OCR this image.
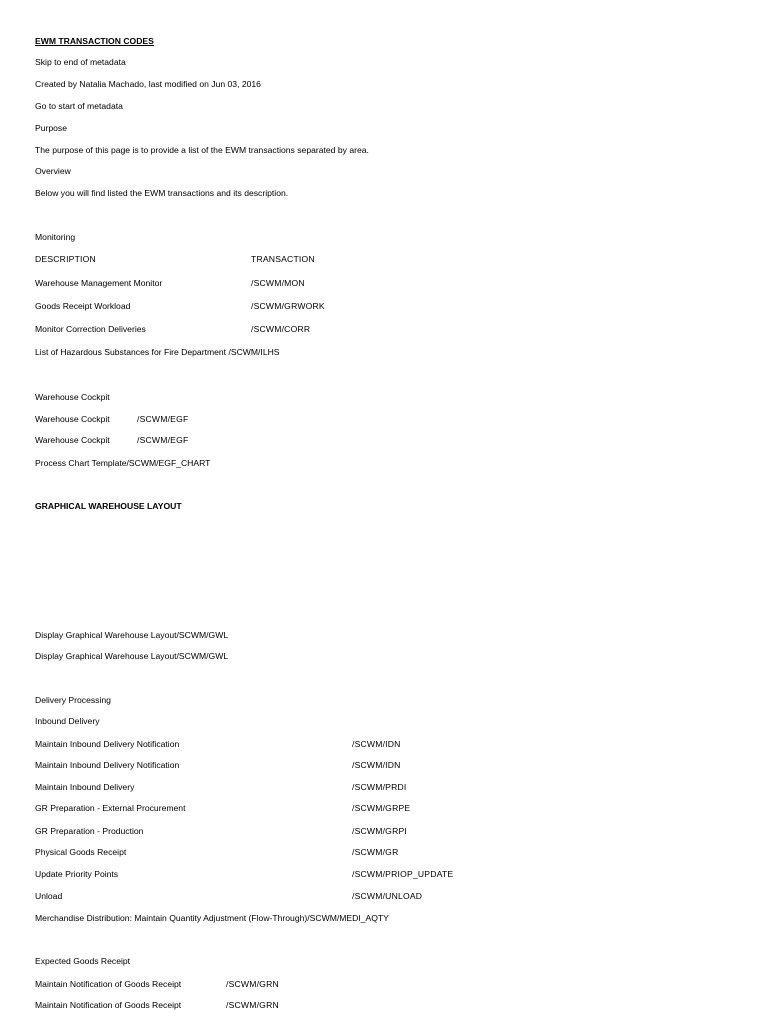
EWM TRANSACTION CODES
Skip to end of metadata
Created by Natalia Machado, last modified on Jun 03, 2016
Go to start of metadata
Purpose
The purpose of this page is to provide a list of the EWM transactions separated by area.
Overview
Below you will find listed the EWM transactions and its description.
Monitoring
DESCRIPTION	TRANSACTION
Warehouse Management Monitor	/SCWM/MON
Goods Receipt Workload	/SCWM/GRWORK
Monitor Correction Deliveries	/SCWM/CORR
List of Hazardous Substances for Fire Department /SCWM/ILHS
Warehouse Cockpit
Warehouse Cockpit	/SCWM/EGF
Warehouse Cockpit	/SCWM/EGF
Process Chart Template/SCWM/EGF_CHART
GRAPHICAL WAREHOUSE LAYOUT
Display Graphical Warehouse Layout/SCWM/GWL
Display Graphical Warehouse Layout/SCWM/GWL
Delivery Processing
Inbound Delivery
Maintain Inbound Delivery Notification	/SCWM/IDN
Maintain Inbound Delivery Notification	/SCWM/IDN
Maintain Inbound Delivery	/SCWM/PRDI
GR Preparation - External Procurement	/SCWM/GRPE
GR Preparation - Production	/SCWM/GRPI
Physical Goods Receipt	/SCWM/GR
Update Priority Points	/SCWM/PRIOP_UPDATE
Unload	/SCWM/UNLOAD
Merchandise Distribution: Maintain Quantity Adjustment (Flow-Through)/SCWM/MEDI_AQTY
Expected Goods Receipt
Maintain Notification of Goods Receipt	/SCWM/GRN
Maintain Notification of Goods Receipt	/SCWM/GRN
